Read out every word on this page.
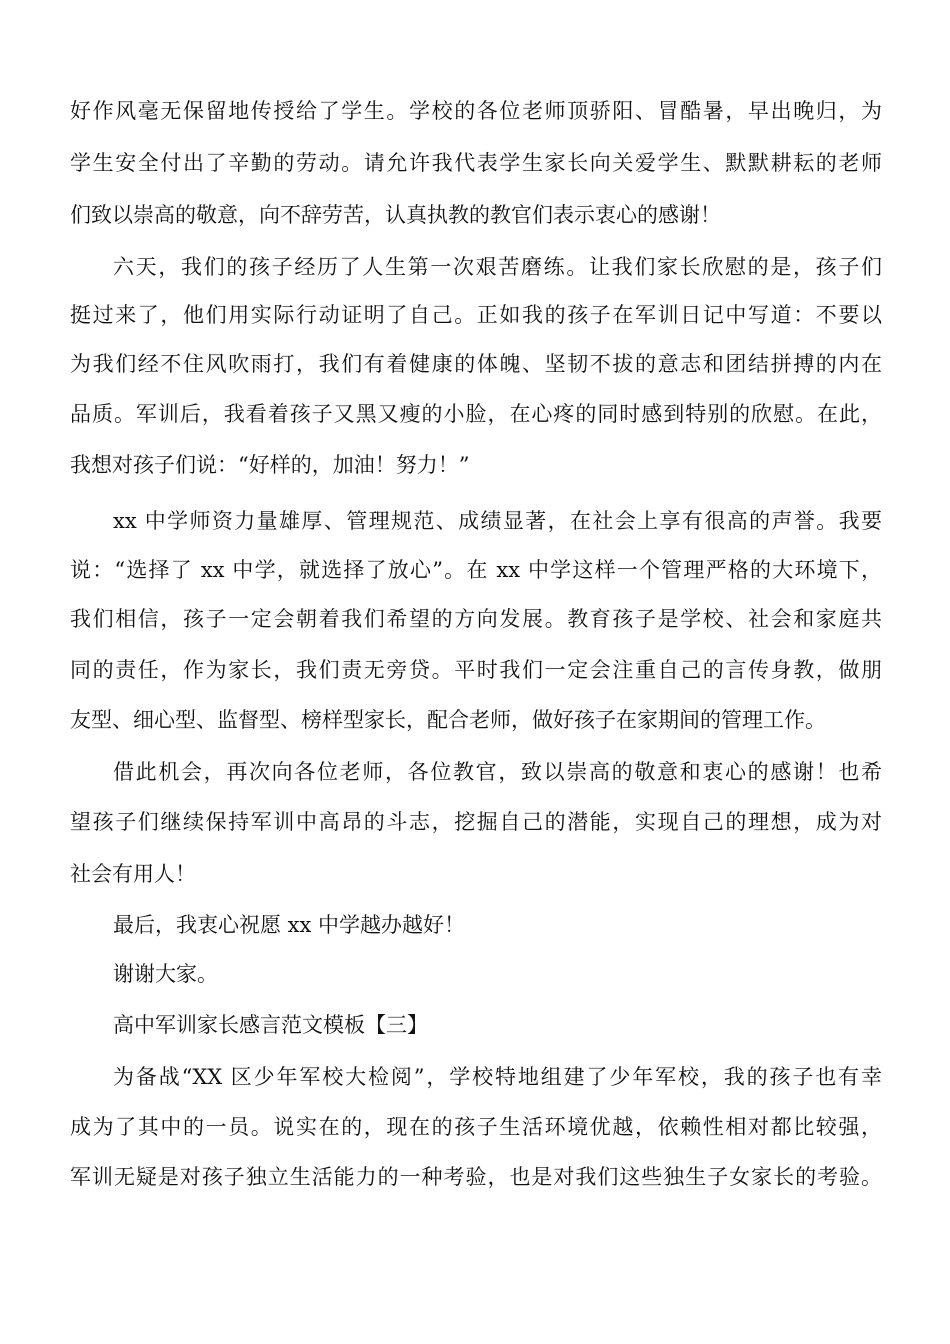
好作风毫无保留地传授给了学生。学校的各位老师顶骄阳、冒酷暑，早出晚归，为

学生安全付出了辛勤的劳动。请允许我代表学生家长向关爱学生、默默耕耘的老师

们致以崇高的敬意，向不辞劳苦，认真执教的教官们表示衷心的感谢！

六天，我们的孩子经历了人生第一次艰苦磨练。让我们家长欣慰的是，孩子们

挺过来了，他们用实际行动证明了自己。正如我的孩子在军训日记中写道：不要以

为我们经不住风吹雨打，我们有着健康的体魄、坚韧不拔的意志和团结拼搏的内在

品质。军训后，我看着孩子又黑又瘦的小脸，在心疼的同时感到特别的欣慰。在此，

我想对孩子们说：“好样的，加油！努力！”

xx 中学师资力量雄厚、管理规范、成绩显著，在社会上享有很高的声誉。我要

说：“选择了 xx 中学，就选择了放心”。在 xx 中学这样一个管理严格的大环境下，

我们相信，孩子一定会朝着我们希望的方向发展。教育孩子是学校、社会和家庭共

同的责任，作为家长，我们责无旁贷。平时我们一定会注重自己的言传身教，做朋

友型、细心型、监督型、榜样型家长，配合老师，做好孩子在家期间的管理工作。

借此机会，再次向各位老师，各位教官，致以崇高的敬意和衷心的感谢！也希

望孩子们继续保持军训中高昂的斗志，挖掘自己的潜能，实现自己的理想，成为对

社会有用人！

最后，我衷心祝愿 xx 中学越办越好！

谢谢大家。

高中军训家长感言范文模板【三】

为备战“XX 区少年军校大检阅”，学校特地组建了少年军校，我的孩子也有幸

成为了其中的一员。说实在的，现在的孩子生活环境优越，依赖性相对都比较强，

军训无疑是对孩子独立生活能力的一种考验，也是对我们这些独生子女家长的考验。
